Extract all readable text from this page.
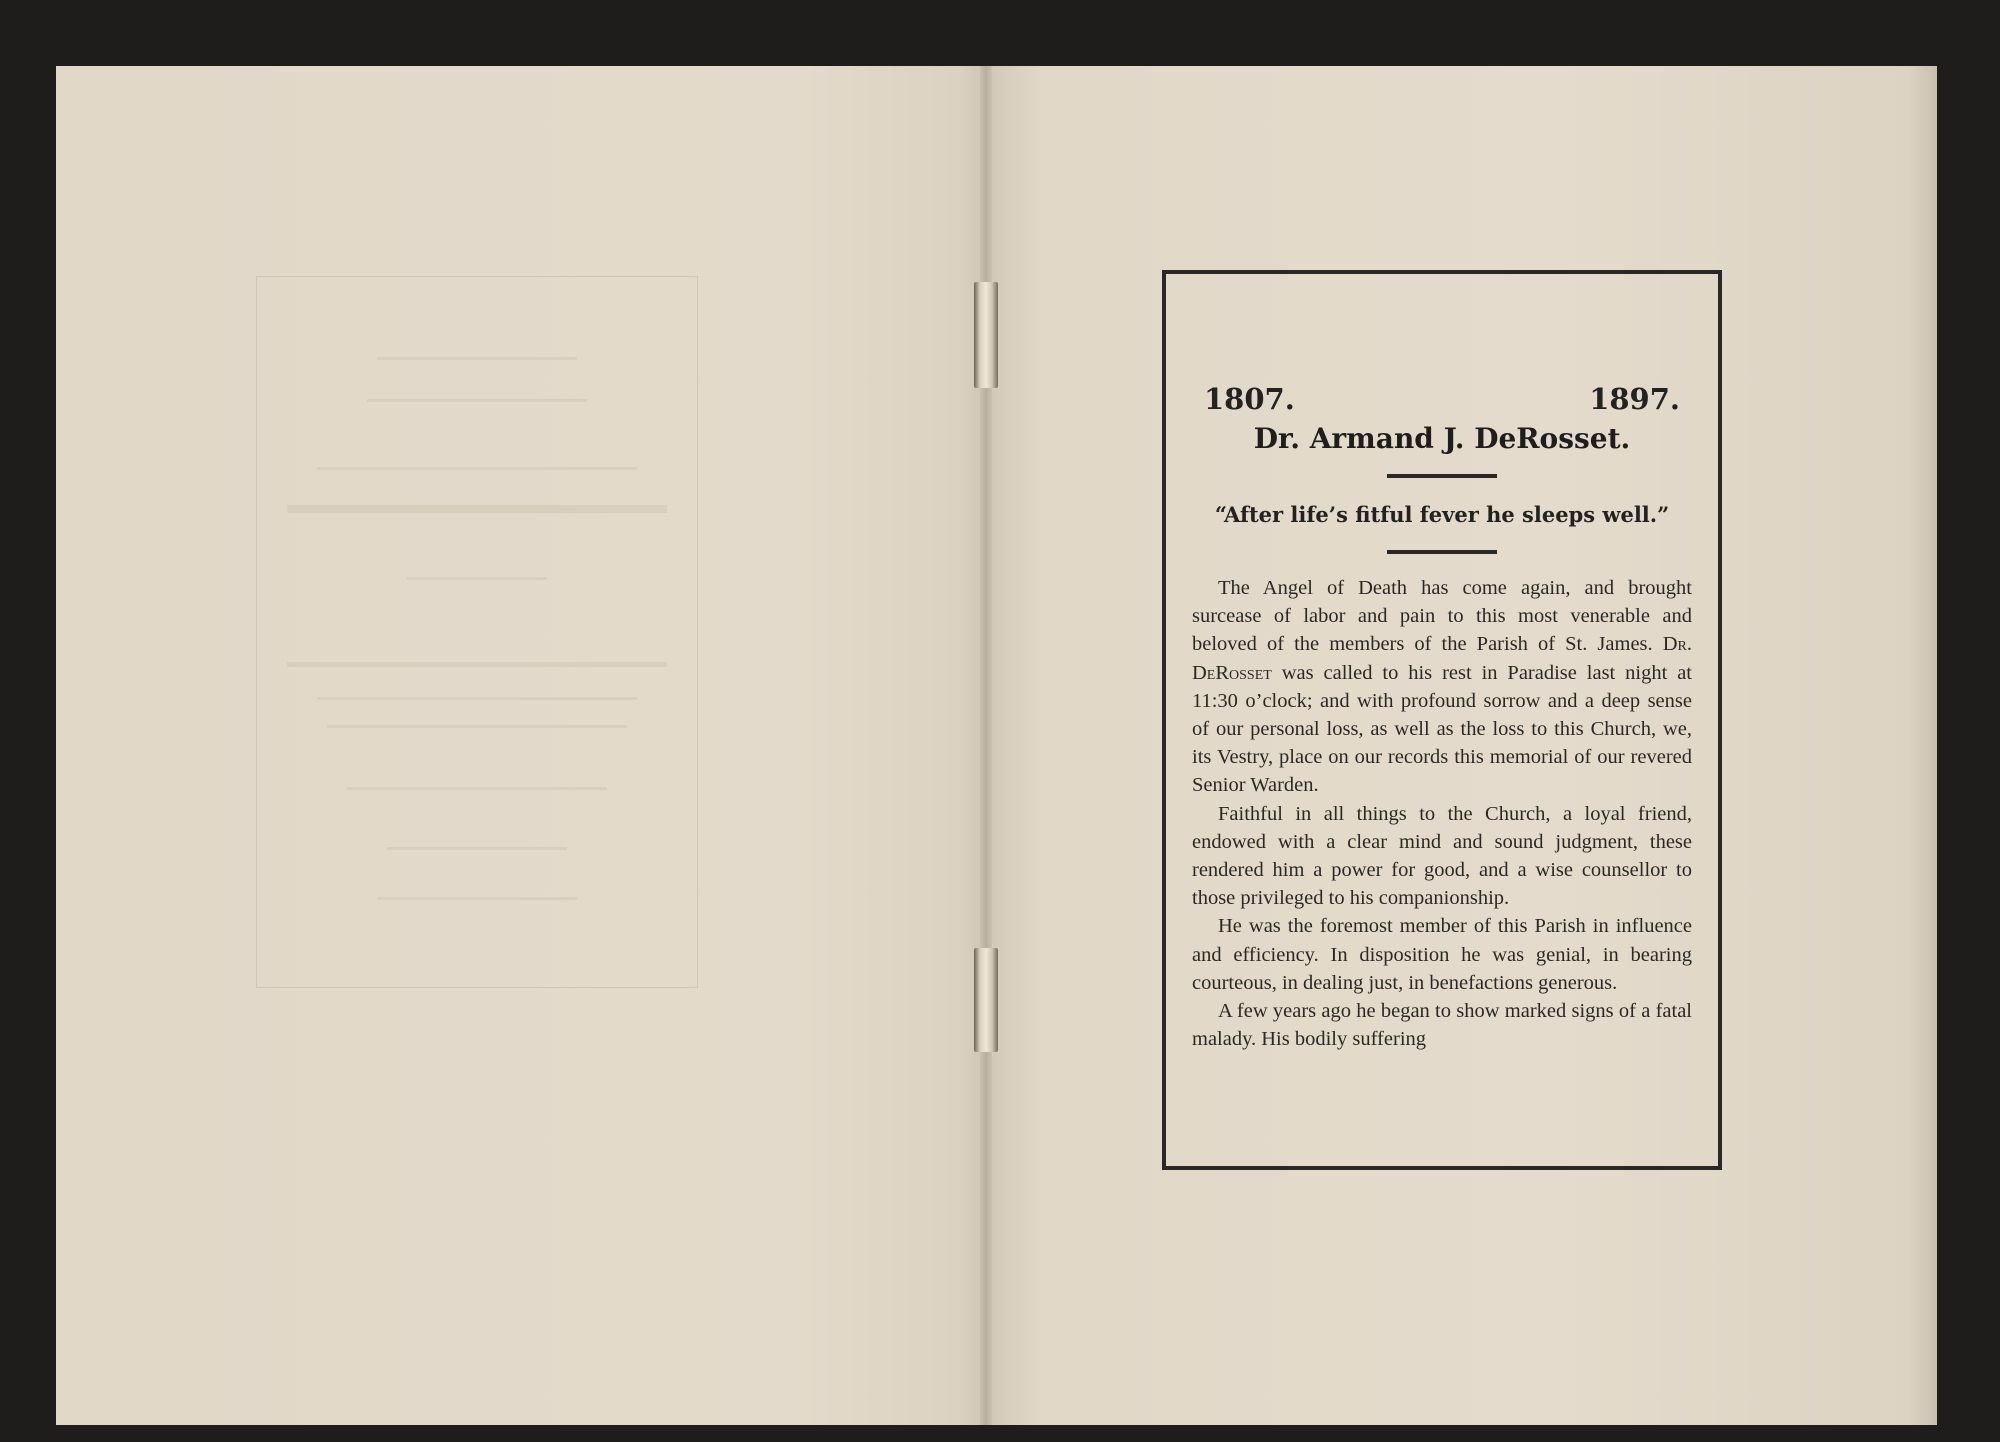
1807.	1897.
Dr. Armand J. DeRosset.
“After life’s fitful fever he sleeps well.”

The Angel of Death has come again, and brought surcease of labor and pain to this most venerable and beloved of the members of the Parish of St. James. Dr. DeRosset was called to his rest in Paradise last night at 11:30 o’clock; and with profound sorrow and a deep sense of our personal loss, as well as the loss to this Church, we, its Vestry, place on our records this memorial of our revered Senior Warden.

Faithful in all things to the Church, a loyal friend, endowed with a clear mind and sound judgment, these rendered him a power for good, and a wise counsellor to those privileged to his companionship.

He was the foremost member of this Parish in influence and efficiency. In disposition he was genial, in bearing courteous, in dealing just, in benefactions generous.

A few years ago he began to show marked signs of a fatal malady. His bodily suffering
